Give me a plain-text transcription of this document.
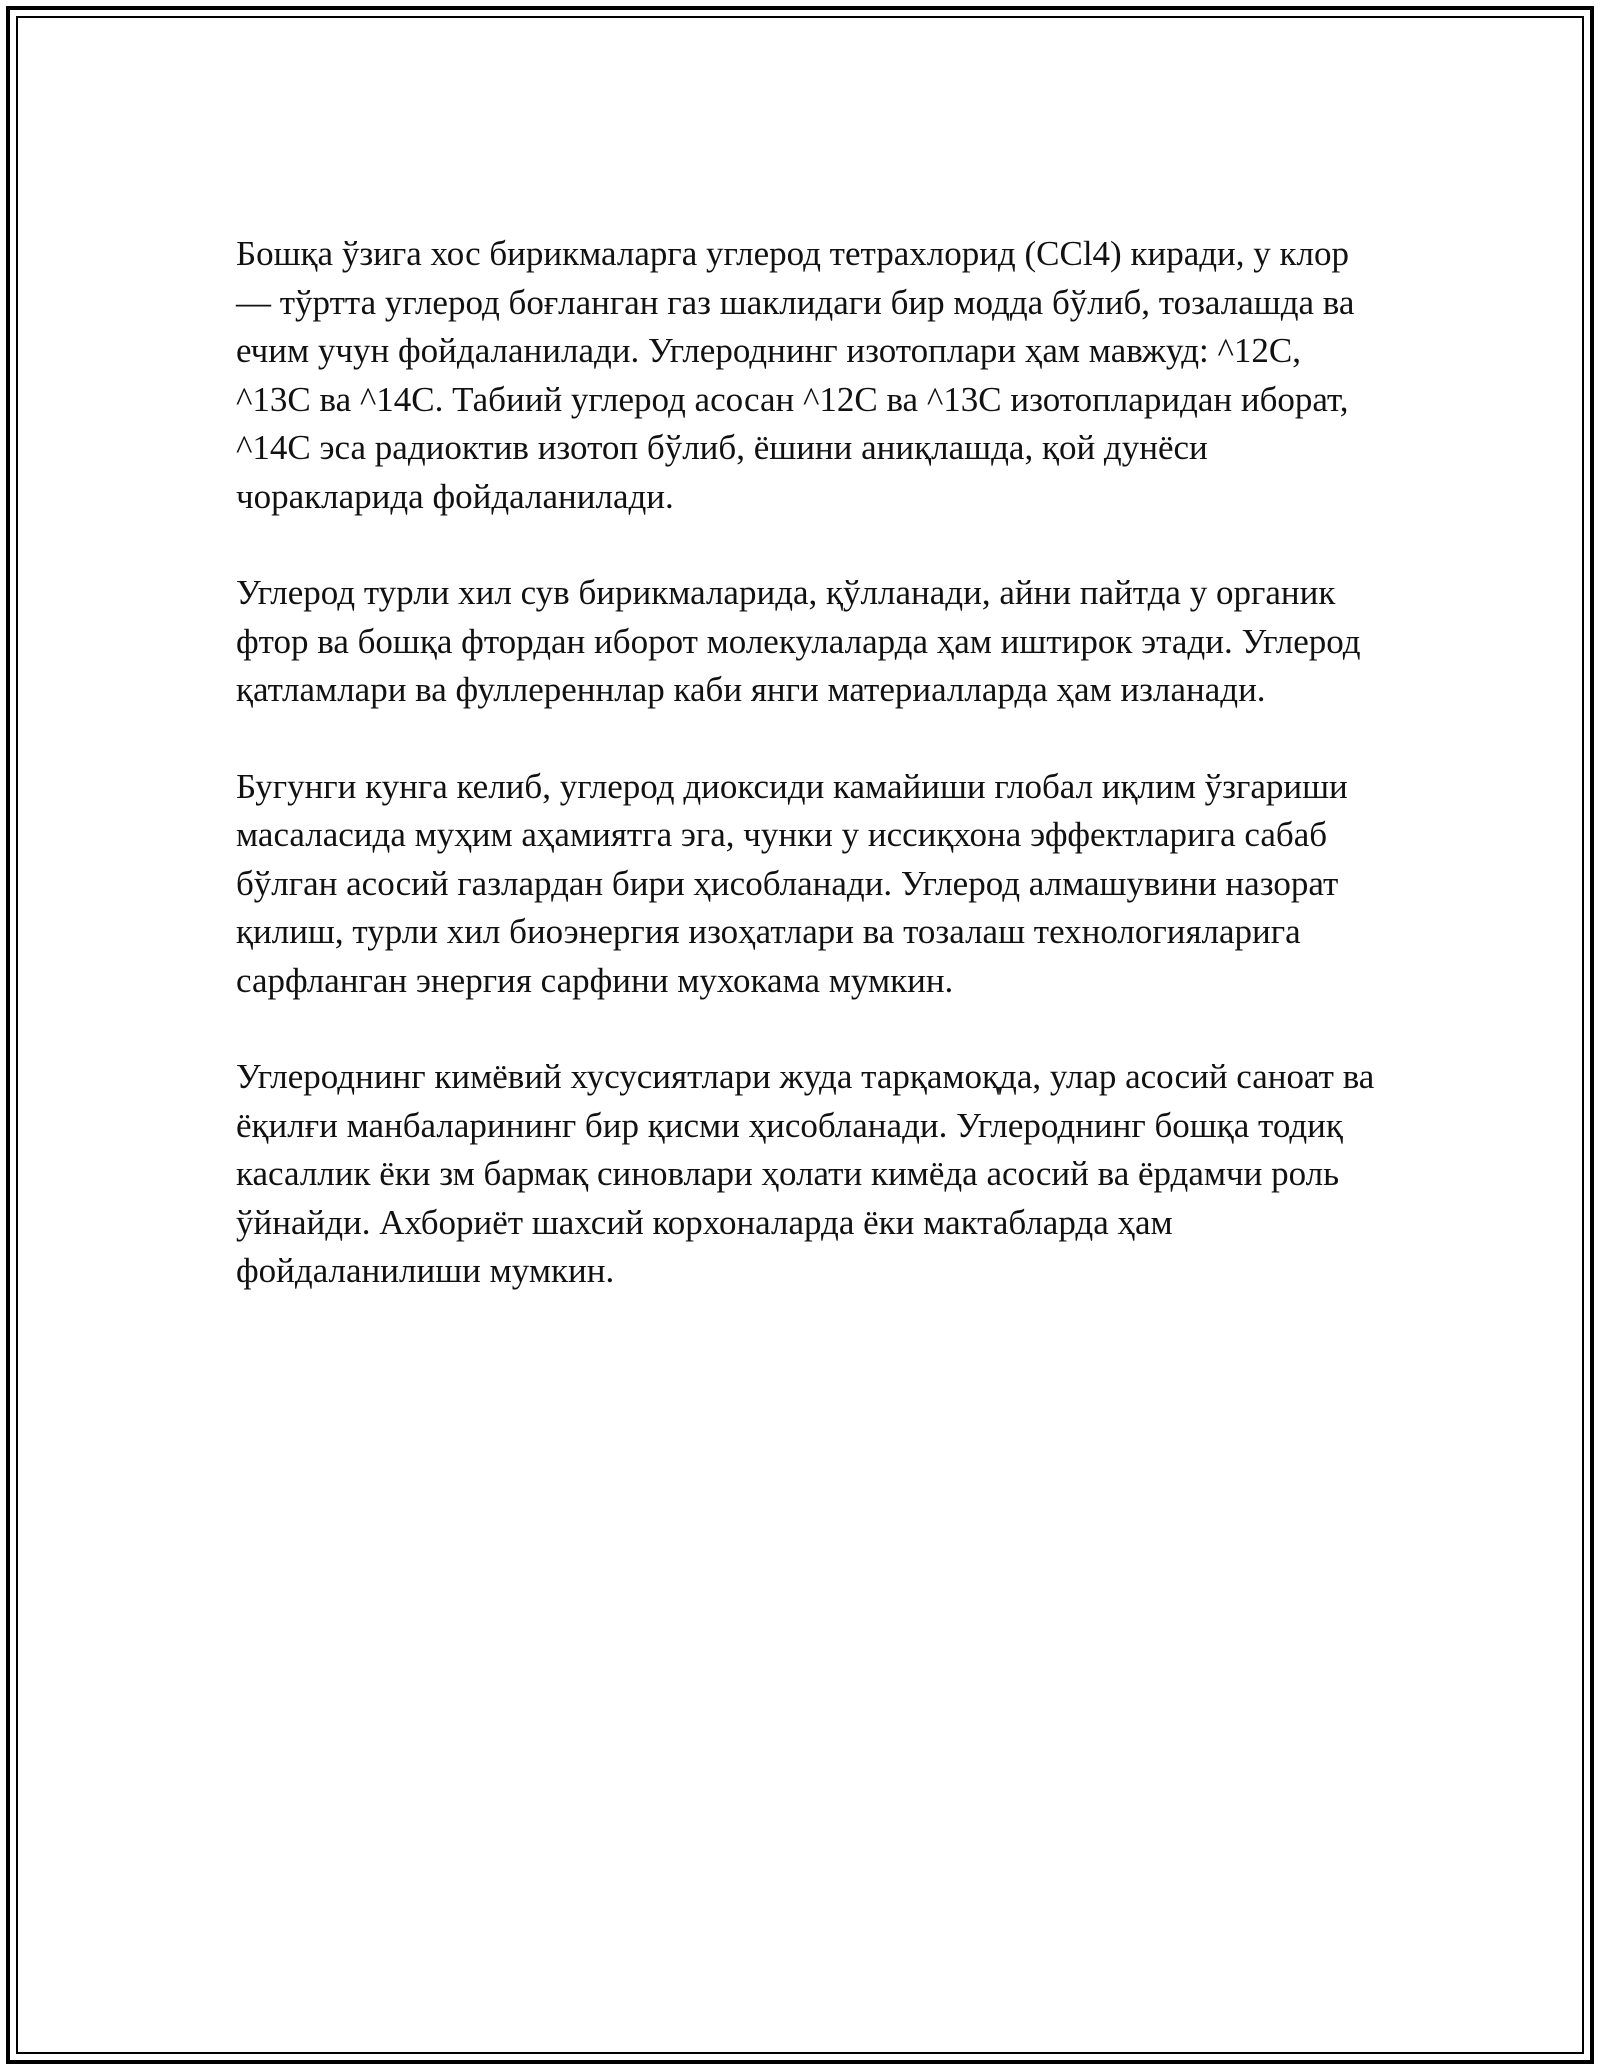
Бошқа ўзига хос бирикмаларга углерод тетрахлорид (CCl4) киради, у клор — тўртта углерод боғланган газ шаклидаги бир модда бўлиб, тозалашда ва ечим учун фойдаланилади. Углероднинг изотоплари ҳам мавжуд: ^12C, ^13C ва ^14C. Табиий углерод асосан ^12C ва ^13C изотопларидан иборат, ^14C эса радиоктив изотоп бўлиб, ёшини аниқлашда, қой дунёси чоракларида фойдаланилади.

Углерод турли хил сув бирикмаларида, қўлланади, айни пайтда у органик фтор ва бошқа фтордан иборот молекулаларда ҳам иштирок этади. Углерод қатламлари ва фуллереннлар каби янги материалларда ҳам изланади.

Бугунги кунга келиб, углерод диоксиди камайиши глобал иқлим ўзгариши масаласида муҳим аҳамиятга эга, чунки у иссиқхона эффектларига сабаб бўлган асосий газлардан бири ҳисобланади. Углерод алмашувини назорат қилиш, турли хил биоэнергия изоҳатлари ва тозалаш технологияларига сарфланган энергия сарфини мухокама мумкин.

Углероднинг кимёвий хусусиятлари жуда тарқамоқда, улар асосий саноат ва ёқилғи манбаларининг бир қисми ҳисобланади. Углероднинг бошқа тодиқ касаллик ёки зм бармақ синовлари ҳолати кимёда асосий ва ёрдамчи роль ўйнайди. Ахбориёт шахсий корхоналарда ёки мактабларда ҳам фойдаланилиши мумкин.
